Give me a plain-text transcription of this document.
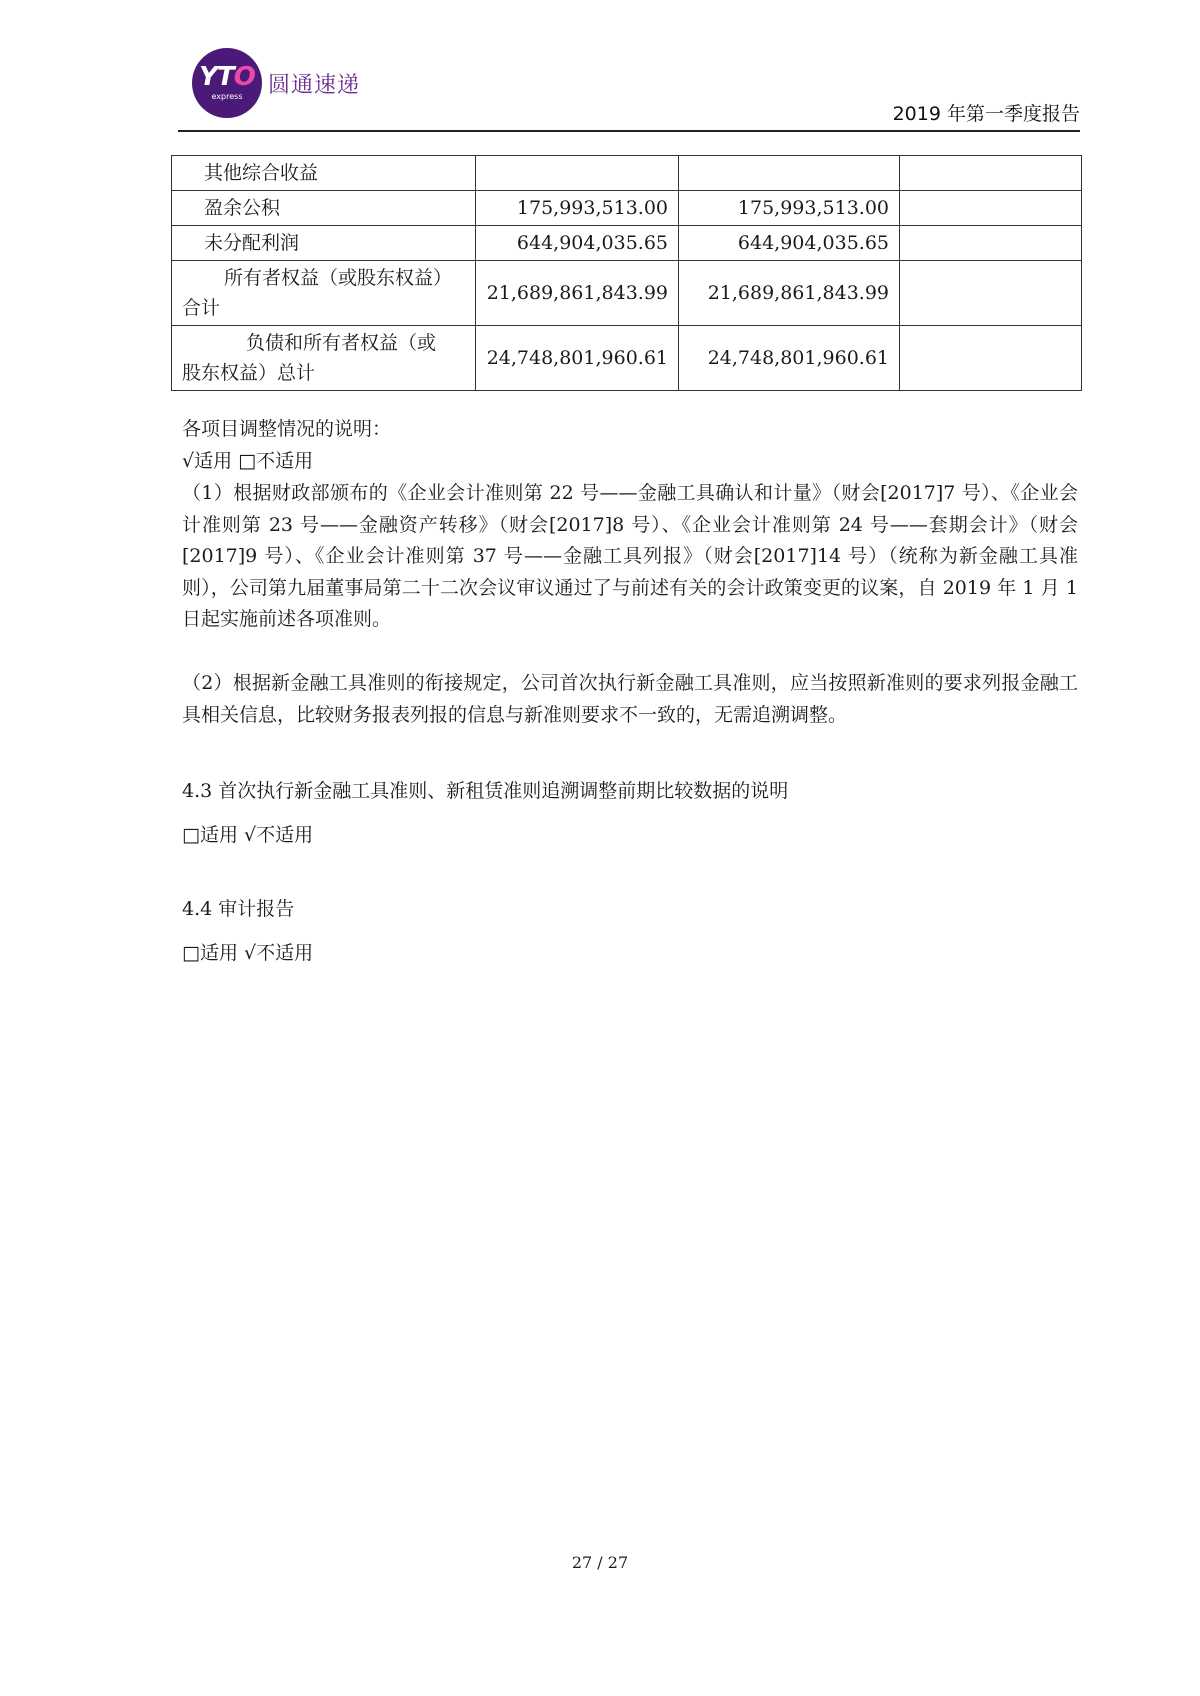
YTO
express 圆通速递
2019 年第一季度报告
其他综合收益			
盈余公积	175,993,513.00	175,993,513.00	
未分配利润	644,904,035.65	644,904,035.65	

所有者权益（或股东权益）
合计	21,689,861,843.99	21,689,861,843.99	

负债和所有者权益（或
股东权益）总计	24,748,801,960.61	24,748,801,960.61	
各项目调整情况的说明：
√适用 □不适用
（1）根据财政部颁布的《企业会计准则第 22 号——金融工具确认和计量》（财会[2017]7 号）、《企业会计准则第 23 号——金融资产转移》（财会[2017]8 号）、《企业会计准则第 24 号——套期会计》（财会[2017]9 号）、《企业会计准则第 37 号——金融工具列报》（财会[2017]14 号）（统称为新金融工具准则），公司第九届董事局第二十二次会议审议通过了与前述有关的会计政策变更的议案，自 2019 年 1 月 1 日起实施前述各项准则。
（2）根据新金融工具准则的衔接规定，公司首次执行新金融工具准则，应当按照新准则的要求列报金融工具相关信息，比较财务报表列报的信息与新准则要求不一致的，无需追溯调整。
4.3 首次执行新金融工具准则、新租赁准则追溯调整前期比较数据的说明
□适用 √不适用
4.4 审计报告
□适用 √不适用
27 / 27
